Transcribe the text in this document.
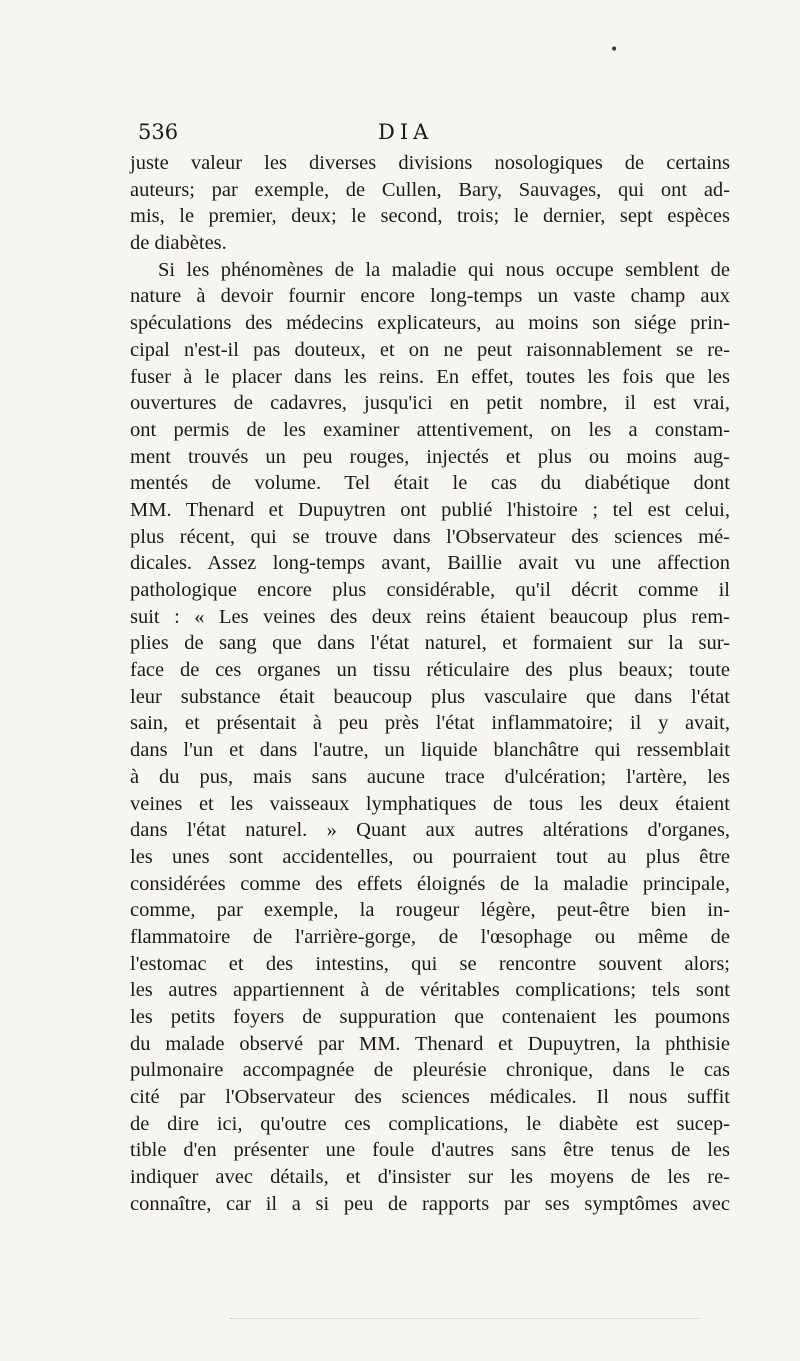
•
536	DIA
juste valeur les diverses divisions nosologiques de certains
auteurs; par exemple, de Cullen, Bary, Sauvages, qui ont ad-
mis, le premier, deux; le second, trois; le dernier, sept espèces
de diabètes.
Si les phénomènes de la maladie qui nous occupe semblent de
nature à devoir fournir encore long-temps un vaste champ aux
spéculations des médecins explicateurs, au moins son siége prin-
cipal n'est-il pas douteux, et on ne peut raisonnablement se re-
fuser à le placer dans les reins. En effet, toutes les fois que les
ouvertures de cadavres, jusqu'ici en petit nombre, il est vrai,
ont permis de les examiner attentivement, on les a constam-
ment trouvés un peu rouges, injectés et plus ou moins aug-
mentés de volume. Tel était le cas du diabétique dont
MM. Thenard et Dupuytren ont publié l'histoire ; tel est celui,
plus récent, qui se trouve dans l'Observateur des sciences mé-
dicales. Assez long-temps avant, Baillie avait vu une affection
pathologique encore plus considérable, qu'il décrit comme il
suit : « Les veines des deux reins étaient beaucoup plus rem-
plies de sang que dans l'état naturel, et formaient sur la sur-
face de ces organes un tissu réticulaire des plus beaux; toute
leur substance était beaucoup plus vasculaire que dans l'état
sain, et présentait à peu près l'état inflammatoire; il y avait,
dans l'un et dans l'autre, un liquide blanchâtre qui ressemblait
à du pus, mais sans aucune trace d'ulcération; l'artère, les
veines et les vaisseaux lymphatiques de tous les deux étaient
dans l'état naturel. » Quant aux autres altérations d'organes,
les unes sont accidentelles, ou pourraient tout au plus être
considérées comme des effets éloignés de la maladie principale,
comme, par exemple, la rougeur légère, peut-être bien in-
flammatoire de l'arrière-gorge, de l'œsophage ou même de
l'estomac et des intestins, qui se rencontre souvent alors;
les autres appartiennent à de véritables complications; tels sont
les petits foyers de suppuration que contenaient les poumons
du malade observé par MM. Thenard et Dupuytren, la phthisie
pulmonaire accompagnée de pleurésie chronique, dans le cas
cité par l'Observateur des sciences médicales. Il nous suffit
de dire ici, qu'outre ces complications, le diabète est sucep-
tible d'en présenter une foule d'autres sans être tenus de les
indiquer avec détails, et d'insister sur les moyens de les re-
connaître, car il a si peu de rapports par ses symptômes avec
